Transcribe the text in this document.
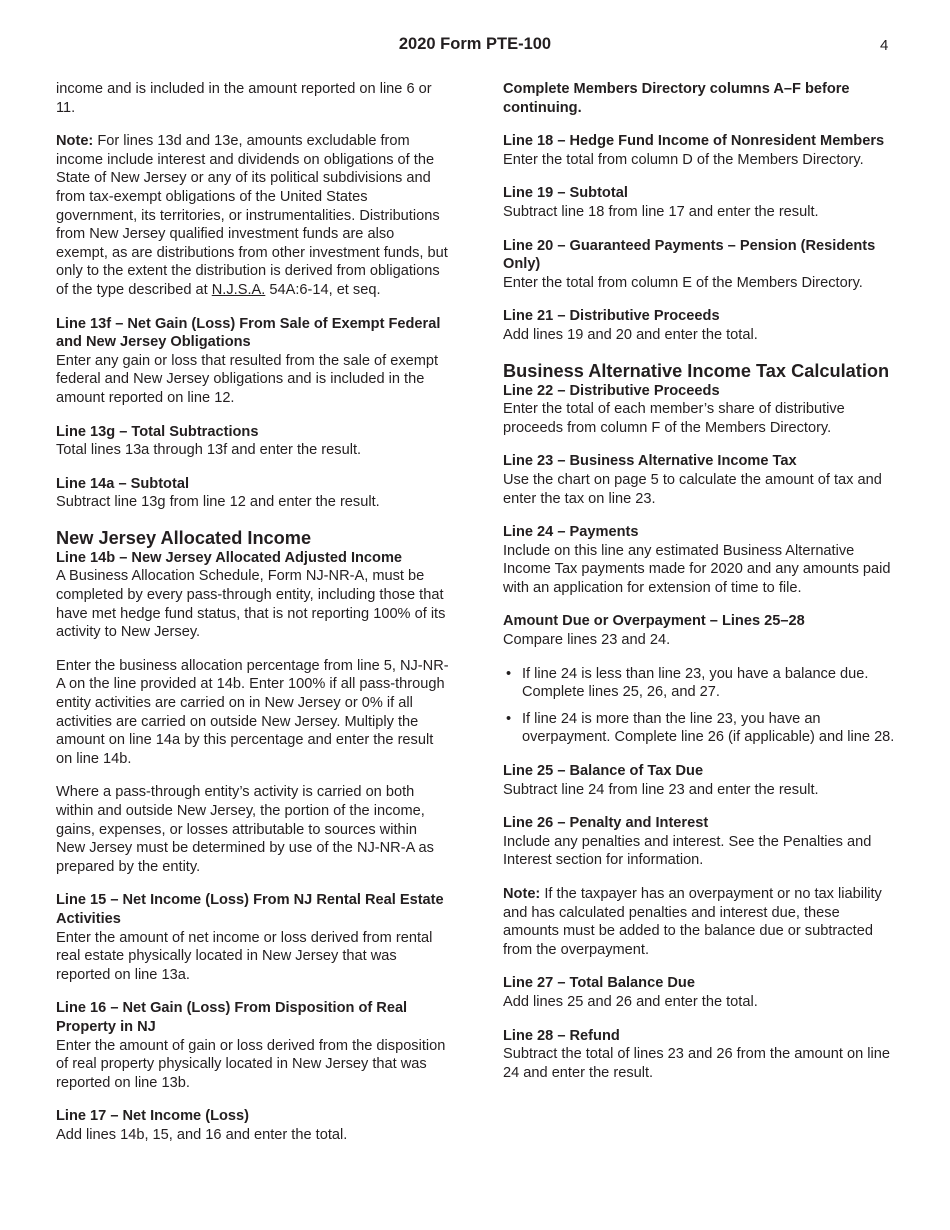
2020 Form PTE-100	4

income and is included in the amount reported on line 6 or 11.

Note: For lines 13d and 13e, amounts excludable from income include interest and dividends on obligations of the State of New Jersey or any of its political subdivisions and from tax-exempt obligations of the United States government, its territories, or instrumentalities. Distributions from New Jersey qualified investment funds are also exempt, as are distributions from other investment funds, but only to the extent the distribution is derived from obligations of the type described at N.J.S.A. 54A:6-14, et seq.

Line 13f – Net Gain (Loss) From Sale of Exempt Federal and New Jersey Obligations
Enter any gain or loss that resulted from the sale of exempt federal and New Jersey obligations and is included in the amount reported on line 12.
Line 13g – Total Subtractions
Total lines 13a through 13f and enter the result.
Line 14a – Subtotal
Subtract line 13g from line 12 and enter the result.
New Jersey Allocated Income
Line 14b – New Jersey Allocated Adjusted Income
A Business Allocation Schedule, Form NJ-NR-A, must be completed by every pass-through entity, including those that have met hedge fund status, that is not reporting 100% of its activity to New Jersey.

Enter the business allocation percentage from line 5, NJ-NR-A on the line provided at 14b. Enter 100% if all pass-through entity activities are carried on in New Jersey or 0% if all activities are carried on outside New Jersey. Multiply the amount on line 14a by this percentage and enter the result on line 14b.

Where a pass-through entity’s activity is carried on both within and outside New Jersey, the portion of the income, gains, expenses, or losses attributable to sources within New Jersey must be determined by use of the NJ-NR-A as prepared by the entity.

Line 15 – Net Income (Loss) From NJ Rental Real Estate Activities
Enter the amount of net income or loss derived from rental real estate physically located in New Jersey that was reported on line 13a.
Line 16 – Net Gain (Loss) From Disposition of Real Property in NJ
Enter the amount of gain or loss derived from the disposition of real property physically located in New Jersey that was reported on line 13b.
Line 17 – Net Income (Loss)
Add lines 14b, 15, and 16 and enter the total.

Complete Members Directory columns A–F before continuing.

Line 18 – Hedge Fund Income of Nonresident Members
Enter the total from column D of the Members Directory.
Line 19 – Subtotal
Subtract line 18 from line 17 and enter the result.
Line 20 – Guaranteed Payments – Pension (Residents Only)
Enter the total from column E of the Members Directory.
Line 21 – Distributive Proceeds
Add lines 19 and 20 and enter the total.
Business Alternative Income Tax Calculation
Line 22 – Distributive Proceeds
Enter the total of each member’s share of distributive proceeds from column F of the Members Directory.
Line 23 – Business Alternative Income Tax
Use the chart on page 5 to calculate the amount of tax and enter the tax on line 23.
Line 24 – Payments
Include on this line any estimated Business Alternative Income Tax payments made for 2020 and any amounts paid with an application for extension of time to file.
Amount Due or Overpayment – Lines 25–28
Compare lines 23 and 24.
• If line 24 is less than line 23, you have a balance due. Complete lines 25, 26, and 27.
• If line 24 is more than the line 23, you have an overpayment. Complete line 26 (if applicable) and line 28.
Line 25 – Balance of Tax Due
Subtract line 24 from line 23 and enter the result.
Line 26 – Penalty and Interest
Include any penalties and interest. See the Penalties and Interest section for information.

Note: If the taxpayer has an overpayment or no tax liability and has calculated penalties and interest due, these amounts must be added to the balance due or subtracted from the overpayment.

Line 27 – Total Balance Due
Add lines 25 and 26 and enter the total.
Line 28 – Refund
Subtract the total of lines 23 and 26 from the amount on line 24 and enter the result.
